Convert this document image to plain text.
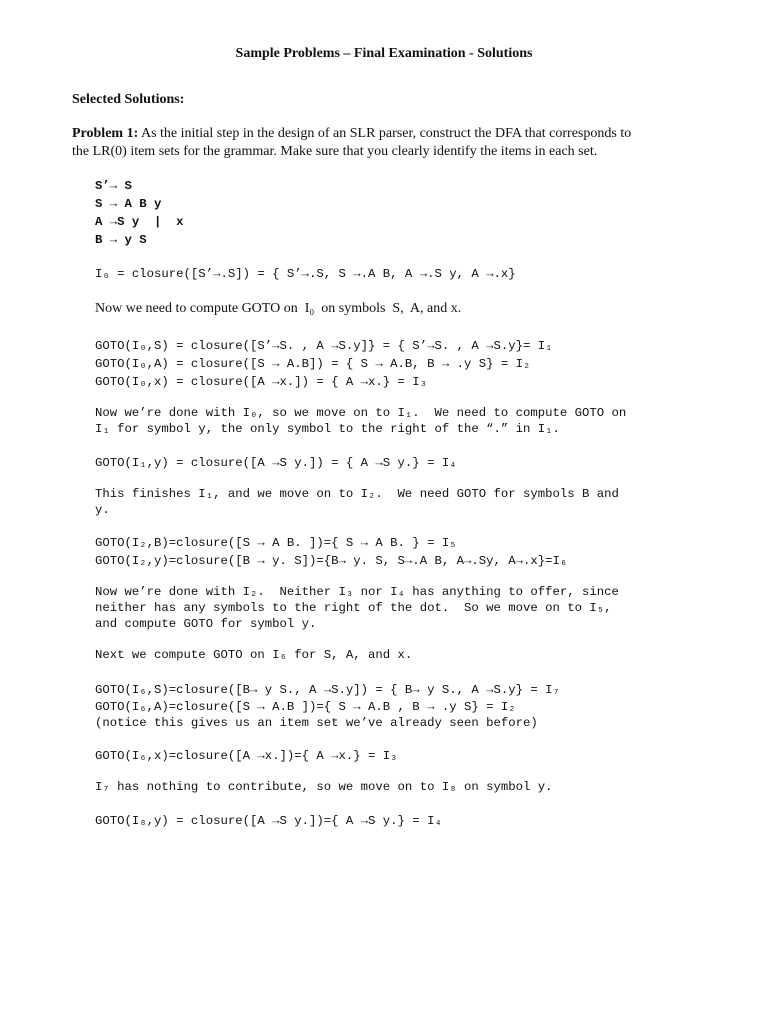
Sample Problems – Final Examination - Solutions
Selected Solutions:
Problem 1: As the initial step in the design of an SLR parser, construct the DFA that corresponds to
the LR(0) item sets for the grammar. Make sure that you clearly identify the items in each set.
S’→ S
S → A B y
A →S y  |  x
B → y S
I₀ = closure([S’→.S]) = { S’→.S, S →.A B, A →.S y, A →.x}
Now we need to compute GOTO on  I₀  on symbols  S,  A, and x.
GOTO(I₀,S) = closure([S’→S. , A →S.y]} = { S’→S. , A →S.y}= I₁
GOTO(I₀,A) = closure([S → A.B]) = { S → A.B, B → .y S} = I₂
GOTO(I₀,x) = closure([A →x.]) = { A →x.} = I₃
Now we’re done with I₀, so we move on to I₁.  We need to compute GOTO on
I₁ for symbol y, the only symbol to the right of the “.” in I₁.
GOTO(I₁,y) = closure([A →S y.]) = { A →S y.} = I₄
This finishes I₁, and we move on to I₂.  We need GOTO for symbols B and
y.
GOTO(I₂,B)=closure([S → A B. ])={ S → A B. } = I₅
GOTO(I₂,y)=closure([B → y. S])={B→ y. S, S→.A B, A→.Sy, A→.x}=I₆
Now we’re done with I₂.  Neither I₃ nor I₄ has anything to offer, since
neither has any symbols to the right of the dot.  So we move on to I₅,
and compute GOTO for symbol y.
Next we compute GOTO on I₆ for S, A, and x.
GOTO(I₆,S)=closure([B→ y S., A →S.y]) = { B→ y S., A →S.y} = I₇
GOTO(I₆,A)=closure([S → A.B ])={ S → A.B , B → .y S} = I₂
(notice this gives us an item set we’ve already seen before)
GOTO(I₆,x)=closure([A →x.])={ A →x.} = I₃
I₇ has nothing to contribute, so we move on to I₈ on symbol y.
GOTO(I₈,y) = closure([A →S y.])={ A →S y.} = I₄
